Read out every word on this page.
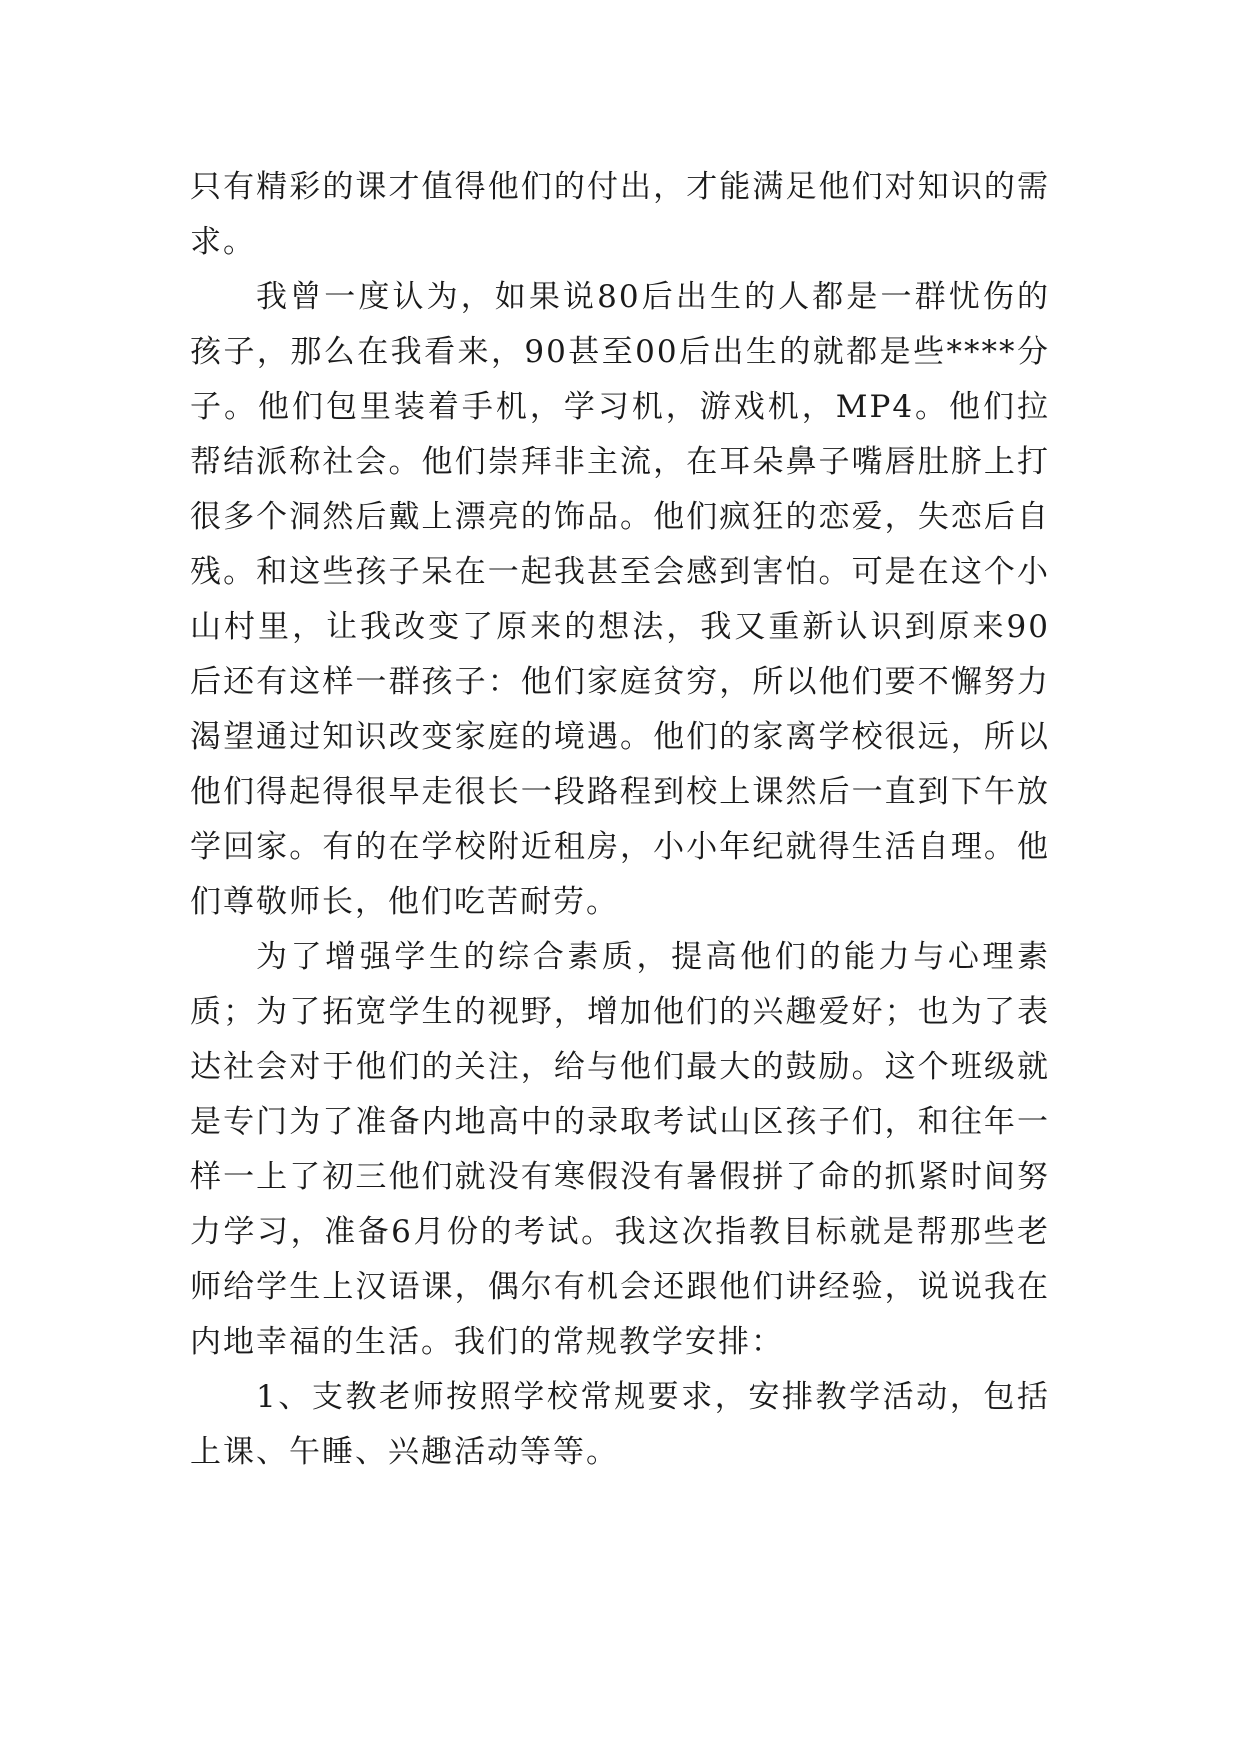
只有精彩的课才值得他们的付出，才能满足他们对知识的需求。

我曾一度认为，如果说80后出生的人都是一群忧伤的孩子，那么在我看来，90甚至00后出生的就都是些****分子。他们包里装着手机，学习机，游戏机，MP4。他们拉帮结派称社会。他们崇拜非主流，在耳朵鼻子嘴唇肚脐上打很多个洞然后戴上漂亮的饰品。他们疯狂的恋爱，失恋后自残。和这些孩子呆在一起我甚至会感到害怕。可是在这个小山村里，让我改变了原来的想法，我又重新认识到原来90后还有这样一群孩子：他们家庭贫穷，所以他们要不懈努力渴望通过知识改变家庭的境遇。他们的家离学校很远，所以他们得起得很早走很长一段路程到校上课然后一直到下午放学回家。有的在学校附近租房，小小年纪就得生活自理。他们尊敬师长，他们吃苦耐劳。

为了增强学生的综合素质，提高他们的能力与心理素质；为了拓宽学生的视野，增加他们的兴趣爱好；也为了表达社会对于他们的关注，给与他们最大的鼓励。这个班级就是专门为了准备内地高中的录取考试山区孩子们，和往年一样一上了初三他们就没有寒假没有暑假拼了命的抓紧时间努力学习，准备6月份的考试。我这次指教目标就是帮那些老师给学生上汉语课，偶尔有机会还跟他们讲经验，说说我在内地幸福的生活。我们的常规教学安排：

1、支教老师按照学校常规要求，安排教学活动，包括上课、午睡、兴趣活动等等。
